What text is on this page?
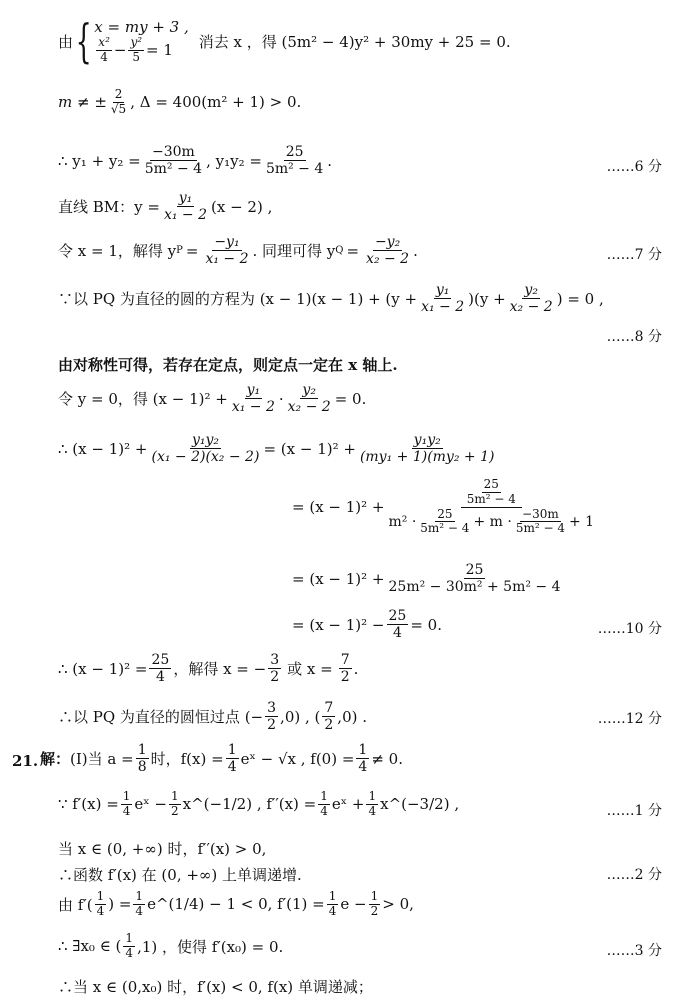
由 { x = my + 3 ,
$\frac{\text{x²}}{4} - \frac{\text{y²}}{5} = 1$ 消去 x ，得 (5m² − 4)y² + 30my + 25 = 0.
m ≠ ± $\frac{2}{√5}$ , Δ = 400(m² + 1) > 0.
∴ $y_1 + y_2 = \frac{-30m}{\text{5m² − 4}}$ , $y_1y_2 = \frac{25}{\text{5m² − 4}}$ .	……6 分
直线 BM：$y = \frac{\text{y₁}}{\text{x₁ − 2}} (x - 2)$ ,
令 x = 1，解得 y $P = \frac{\text{−y₁}}{\text{x₁ − 2}}$ . 同理可得 y $Q = \frac{\text{−y₂}}{\text{x₂ − 2}}$ .	……7 分
∵以 PQ 为直径的圆的方程为 $(x - 1)(x - 1) + (y + \frac{\text{y₁}}{\text{x₁ − 2}} )(y + \frac{\text{y₂}}{\text{x₂ − 2}}$ ) = 0 ,
……8 分
由对称性可得，若存在定点，则定点一定在 x 轴上.
令 y = 0，得 $(x - 1)^2 + \frac{\text{y₁}}{\text{x₁ − 2}} \cdot \frac{\text{y₂}}{\text{x₂ − 2}} = 0$.
∴ $(x - 1)^2 + \frac{\text{y₁y₂}}{\text{(x₁ − 2)(x₂ − 2)}} = (x - 1)^2 + \frac{\text{y₁y₂}}{\text{(my₁ + 1)(my₂ + 1)}}$
= $(x - 1)^2 + \frac{\frac{25}{\text{5m² − 4}}}{m^2 \cdot \frac{25}{\text{5m² − 4}} + m \cdot \frac{-30m}{\text{5m² − 4}} + 1}$
= $(x - 1)^2 + \frac{25}{\text{25m² − 30m² + 5m² − 4}}$
= $(x - 1)^2 - \frac{25}{4} = 0$.	……10 分
∴ $(x - 1)^2 = \frac{25}{4}$ ，解得 x = − $\frac{3}{2}$ 或 $x = \frac{7}{2}$ .
∴以 PQ 为直径的圆恒过点 (− $\frac{3}{2} ,0$) , ( $\frac{7}{2} ,0$) .	……12 分
21. 解： (Ⅰ)当 $a = \frac{1}{8}$ 时，$f(x) = \frac{1}{4}$ eˣ − √x , $f(0) = \frac{1}{4} \ne 0$.
∵ $f'(x) = \frac{1}{4}$ eˣ − $\frac{1}{2}$ x^(−1/2) , $f''(x) = \frac{1}{4}$ eˣ + $\frac{1}{4}$ x^(−3/2) ,	……1 分
当 x ∈ (0, +∞) 时，f′′(x) > 0,
∴函数 f′(x) 在 (0, +∞) 上单调递增.	……2 分
由 $f'( \frac{1}{4}$ ) = $\frac{1}{4}$ e^(1/4) − 1 < 0, $f'(1) = \frac{1}{4}$ $e - \frac{1}{2} > 0$,
∴ ∃x₀ ∈ ( $\frac{1}{4} ,1$) ，使得 f′(x₀) = 0.	……3 分
∴当 x ∈ (0,x₀) 时，f′(x) < 0, f(x) 单调递减；
